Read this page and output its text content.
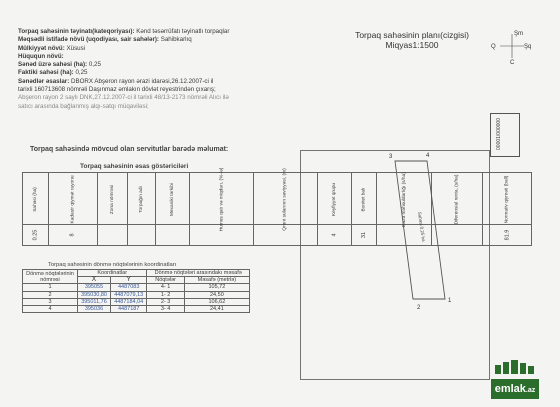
Torpaq sahəsinin təyinatı(kateqoriyası): Kənd təsərrüfatı təyinatlı torpaqlar
Məqsədli istifadə növü (uqodiyası, sair sahələr): Sahibkarlıq
Mülkiyyət növü: Xüsusi
Hüququn növü:
Sənəd üzrə sahəsi (ha): 0,25
Faktiki sahəsi (ha): 0,25
Sənədlər əsaslar: DBORX Abşeron rayon ərazi idarəsi,26.12.2007-ci il
tarixli 160713608 nömrəli Daşınmaz əmlakın dövlət reyestrindən çıxarış;
Abşeron rayon 2 saylı DNK,27.12.2007-ci il tarixli 48/13-2173 nömrəli Alıcı ilə
satıcı arasında bağlanmış alqı-satqı müqaviləsi;
Torpaq sahəsində mövcud olan servitutlar barədə məlumat:
Torpaq sahəsinin əsas göstəriciləri
Sahəsi (ha)	Kadastr qiymət rayonu	Zona nömrəsi	Torpağın adı	Mexaniki tərkibi	Humus qatı və miqdarı, (%-lə)	Qrunt sularının səviyyəsi, (m)	Keyfiyyət qrupu	Bonitet balı	Baza məhsuldarlığı (s/ha)	Diferensial renta, (s/ha)	Normativ qiyməti (ball)
0.25	8						4	31			81.9
Torpaq sahəsinin dönmə nöqtələrinin koordinatları
Dönmə nöqtələrinin nömrəsi	Koordinatlar		Dönmə nöqtələri arasındakı məsafə	
	X	Y	Nöqtələr	Məsafə (metrlə)
1	395055	4487083	4- 1	105,72
2	395030,80	4487079,13	1- 2	24,50
3	395011,76	4487184,04	2- 3	106,62
4	395036	4487187	3- 4	24,41
Torpaq sahəsinin planı(cizgisi)
Miqyas1:1500
Şm
C
Q	Şq
00001/000000
3	4
1
2
Sahəsi 0,25 ha
emlak.az
